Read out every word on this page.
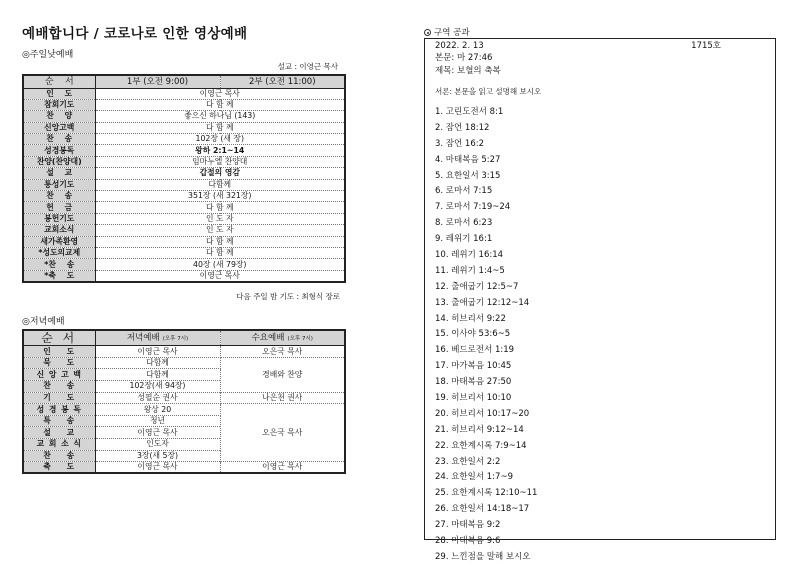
예배합니다 / 코로나로 인한 영상예배
◎주일낮예배
설교 : 이영근 목사
순    서	1부 (오전 9:00)	2부 (오전 11:00)
인    도	이영근 목사	
참회기도	다 함 께	
찬    양	좋으신 하나님 (143)	
신앙고백	다 함 께	
찬    송	102장 (새 장)	
성경봉독	왕하 2:1~14	
찬양(찬양대)	임마누엘 찬양대	
설    교	갑절의 영감	
통성기도	다함께	
찬    송	351장 (새 321장)	
헌    금	다 함 께	
봉헌기도	인 도 자	
교회소식	인 도 자	
새가족환영	다 함 께	
*성도의교제	다 함 께	
*찬    송	40장 (새 79장)	
*축    도	이영근 목사	
다음 주일 밤 기도 : 최형식 장로
◎저녁예배
순 서	저녁예배 (오후 7시)	수요예배 (오후 7시)
인    도	이영근 목사	오은국 목사
묵    도	다함께	경배와 찬양
신 앙 고 백	다함께	
찬    송	102장(새 94장)	
기    도	성필순 권사	나은천 권사
성 경 봉 독	왕상 20	오은국 목사
특    송	청년	
설    교	이영근 목사	
교 회 소 식	인도자	
찬    송	3장(새 5장)	
축    도	이영근 목사	이영근 목사
구역 공과
2022. 2. 13	1715호
본문: 마 27:46
제목: 보혈의 축복
서론: 본문을 읽고 설명해 보시오
1. 고린도전서 8:1
2. 잠언 18:12
3. 잠언 16:2
4. 마태복음 5:27
5. 요한일서 3:15
6. 로마서 7:15
7. 로마서 7:19~24
8. 로마서 6:23
9. 레위기 16:1
10. 레위기 16:14
11. 레위기 1:4~5
12. 출애굽기 12:5~7
13. 출애굽기 12:12~14
14. 히브리서 9:22
15. 이사야 53:6~5
16. 베드로전서 1:19
17. 마가복음 10:45
18. 마태복음 27:50
19. 히브리서 10:10
20. 히브리서 10:17~20
21. 히브리서 9:12~14
22. 요한계시록 7:9~14
23. 요한일서 2:2
24. 요한일서 1:7~9
25. 요한계시록 12:10~11
26. 요한일서 14:18~17
27. 마태복음 9:2
28. 마태복음 9:6
29. 느낀점을 말해 보시오
